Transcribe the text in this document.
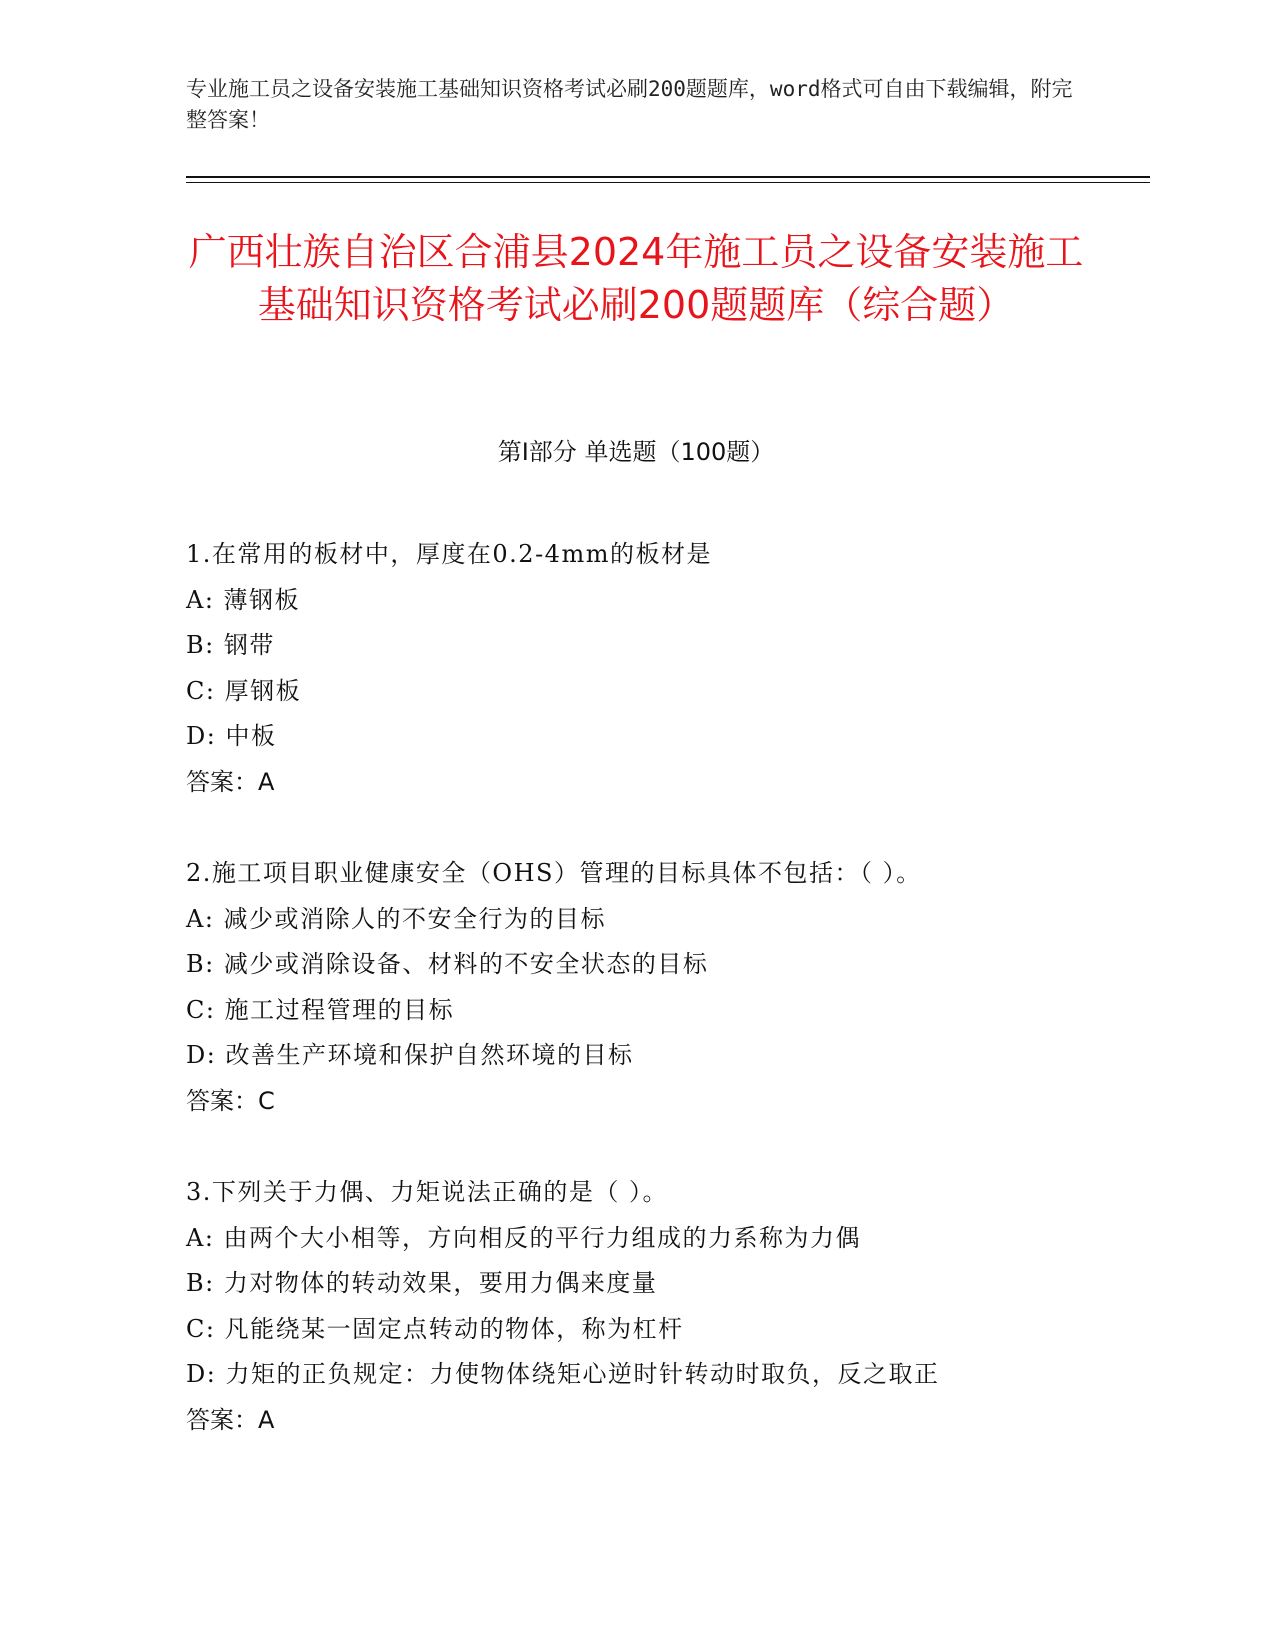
专业施工员之设备安装施工基础知识资格考试必刷200题题库，word格式可自由下载编辑，附完整答案！
广西壮族自治区合浦县2024年施工员之设备安装施工基础知识资格考试必刷200题题库（综合题）
第I部分 单选题（100题）
1.在常用的板材中，厚度在0.2-4mm的板材是
A: 薄钢板
B: 钢带
C: 厚钢板
D: 中板
答案：A
2.施工项目职业健康安全（OHS）管理的目标具体不包括：（ ）。
A: 减少或消除人的不安全行为的目标
B: 减少或消除设备、材料的不安全状态的目标
C: 施工过程管理的目标
D: 改善生产环境和保护自然环境的目标
答案：C
3.下列关于力偶、力矩说法正确的是（ ）。
A: 由两个大小相等，方向相反的平行力组成的力系称为力偶
B: 力对物体的转动效果，要用力偶来度量
C: 凡能绕某一固定点转动的物体，称为杠杆
D: 力矩的正负规定：力使物体绕矩心逆时针转动时取负，反之取正
答案：A
